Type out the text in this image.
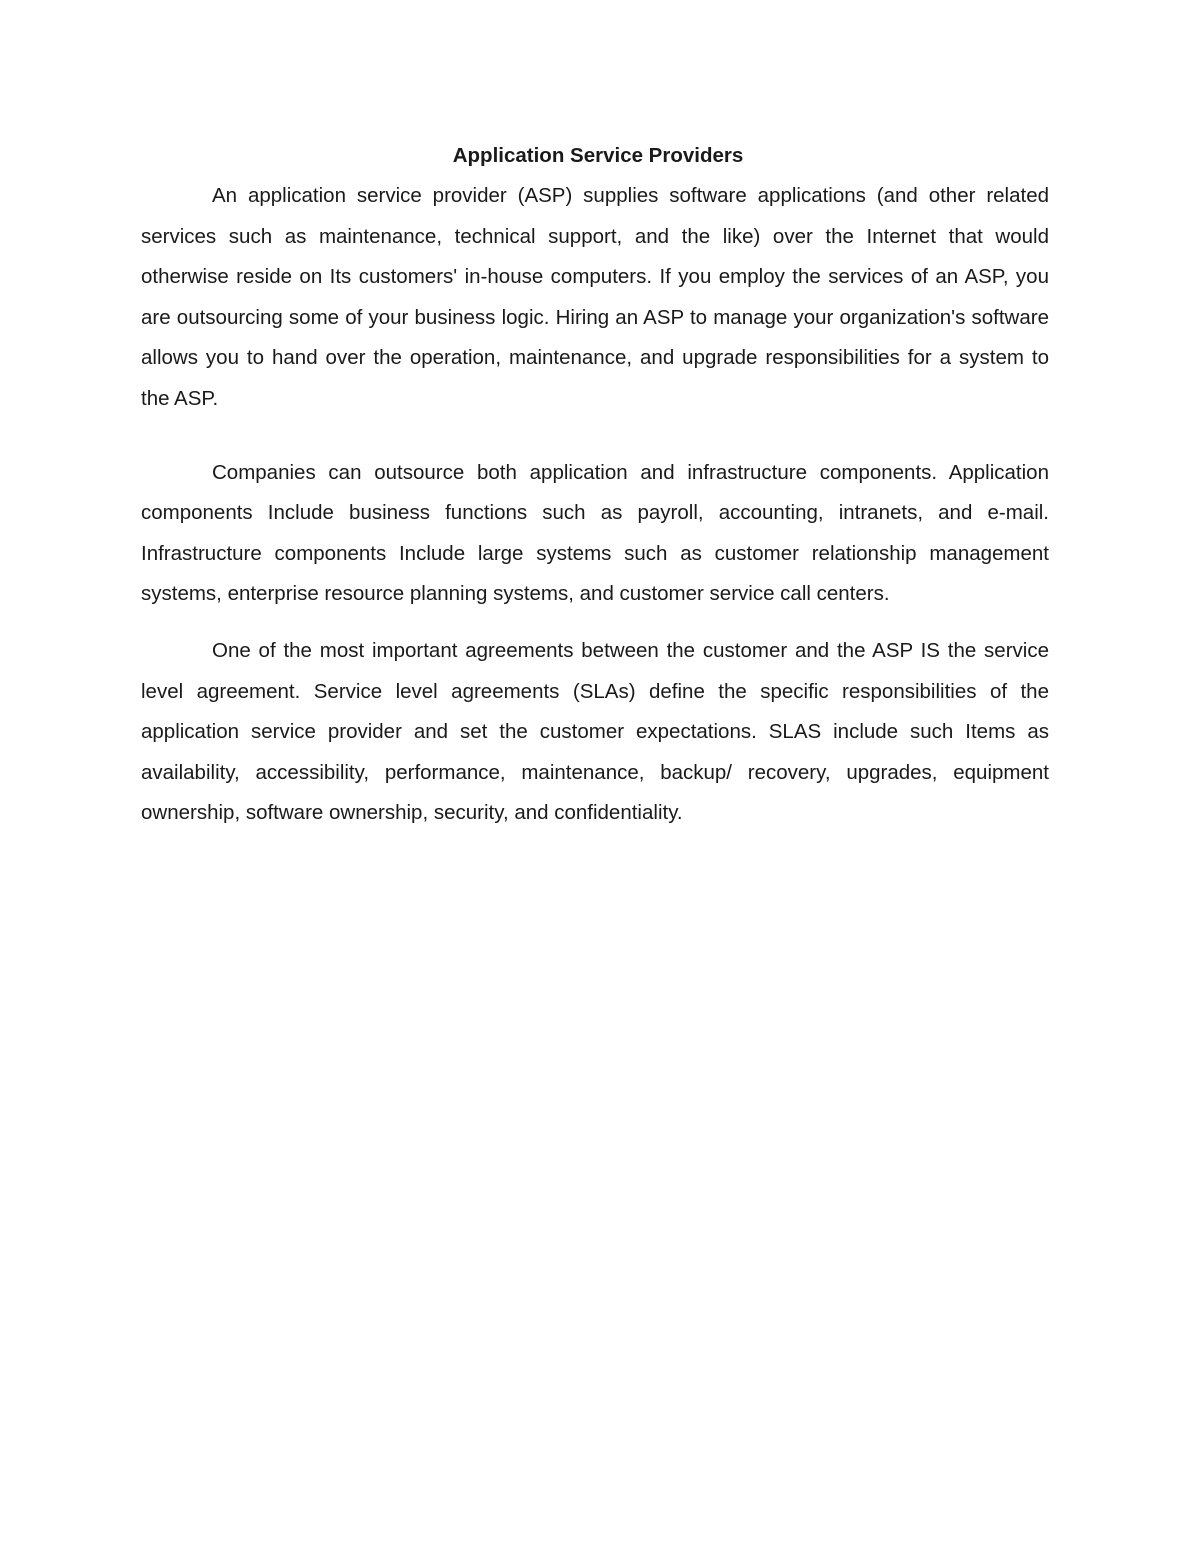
Application Service Providers

An application service provider (ASP) supplies software applications (and other related services such as maintenance, technical support, and the like) over the Internet that would otherwise reside on Its customers' in-house computers. If you employ the services of an ASP, you are outsourcing some of your business logic. Hiring an ASP to manage your organization's software allows you to hand over the operation, maintenance, and upgrade responsibilities for a system to the ASP.

Companies can outsource both application and infrastructure components. Application components Include business functions such as payroll, accounting, intranets, and e-mail. Infrastructure components Include large systems such as customer relationship management systems, enterprise resource planning systems, and customer service call centers.

One of the most important agreements between the customer and the ASP IS the service level agreement. Service level agreements (SLAs) define the specific responsibilities of the application service provider and set the customer expectations. SLAS include such Items as availability, accessibility, performance, maintenance, backup/ recovery, upgrades, equipment ownership, software ownership, security, and confidentiality.
